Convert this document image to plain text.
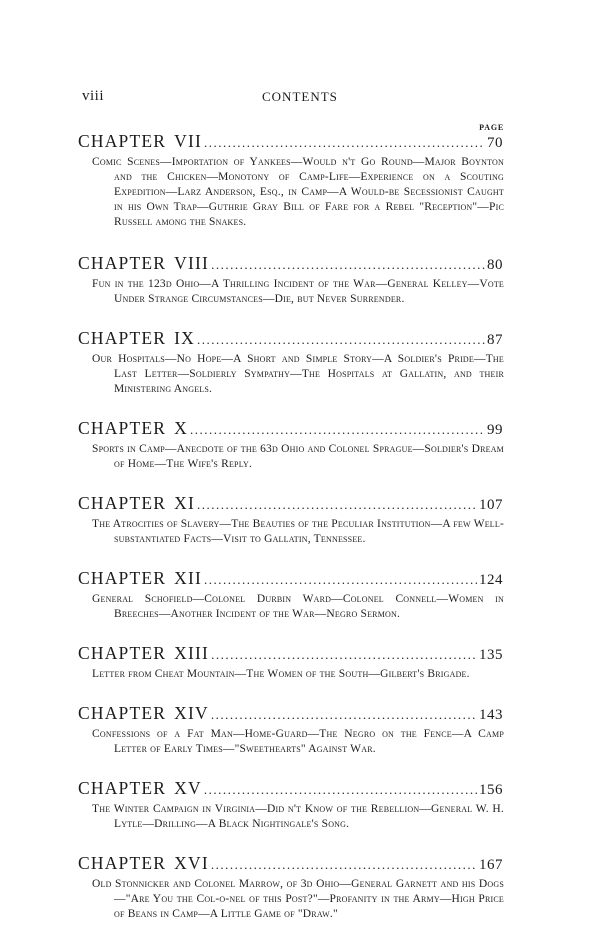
viii	CONTENTS
PAGE
CHAPTER VII .....	70
Comic Scenes—Importation of Yankees—Would n't Go Round—Major Boynton and the Chicken—Monotony of Camp-Life—Experience on a Scouting Expedition—Larz Anderson, Esq., in Camp—A Would-be Secessionist Caught in his Own Trap—Guthrie Gray Bill of Fare for a Rebel "Reception"—Pic Russell among the Snakes.
CHAPTER VIII .....	80
Fun in the 123d Ohio—A Thrilling Incident of the War—General Kelley—Vote Under Strange Circumstances—Die, but Never Surrender.
CHAPTER IX .....	87
Our Hospitals—No Hope—A Short and Simple Story—A Soldier's Pride—The Last Letter—Soldierly Sympathy—The Hospitals at Gallatin, and their Ministering Angels.
CHAPTER X .....	99
Sports in Camp—Anecdote of the 63d Ohio and Colonel Sprague—Soldier's Dream of Home—The Wife's Reply.
CHAPTER XI .....	107
The Atrocities of Slavery—The Beauties of the Peculiar Institution—A few Well-substantiated Facts—Visit to Gallatin, Tennessee.
CHAPTER XII .....	124
General Schofield—Colonel Durbin Ward—Colonel Connell—Women in Breeches—Another Incident of the War—Negro Sermon.
CHAPTER XIII .....	135
Letter from Cheat Mountain—The Women of the South—Gilbert's Brigade.
CHAPTER XIV .....	143
Confessions of a Fat Man—Home-Guard—The Negro on the Fence—A Camp Letter of Early Times—"Sweethearts" Against War.
CHAPTER XV .....	156
The Winter Campaign in Virginia—Did n't Know of the Rebellion—General W. H. Lytle—Drilling—A Black Nightingale's Song.
CHAPTER XVI .....	167
Old Stonnicker and Colonel Marrow, of 3d Ohio—General Garnett and his Dogs—"Are You the Col-o-nel of this Post?"—Profanity in the Army—High Price of Beans in Camp—A Little Game of "Draw."
